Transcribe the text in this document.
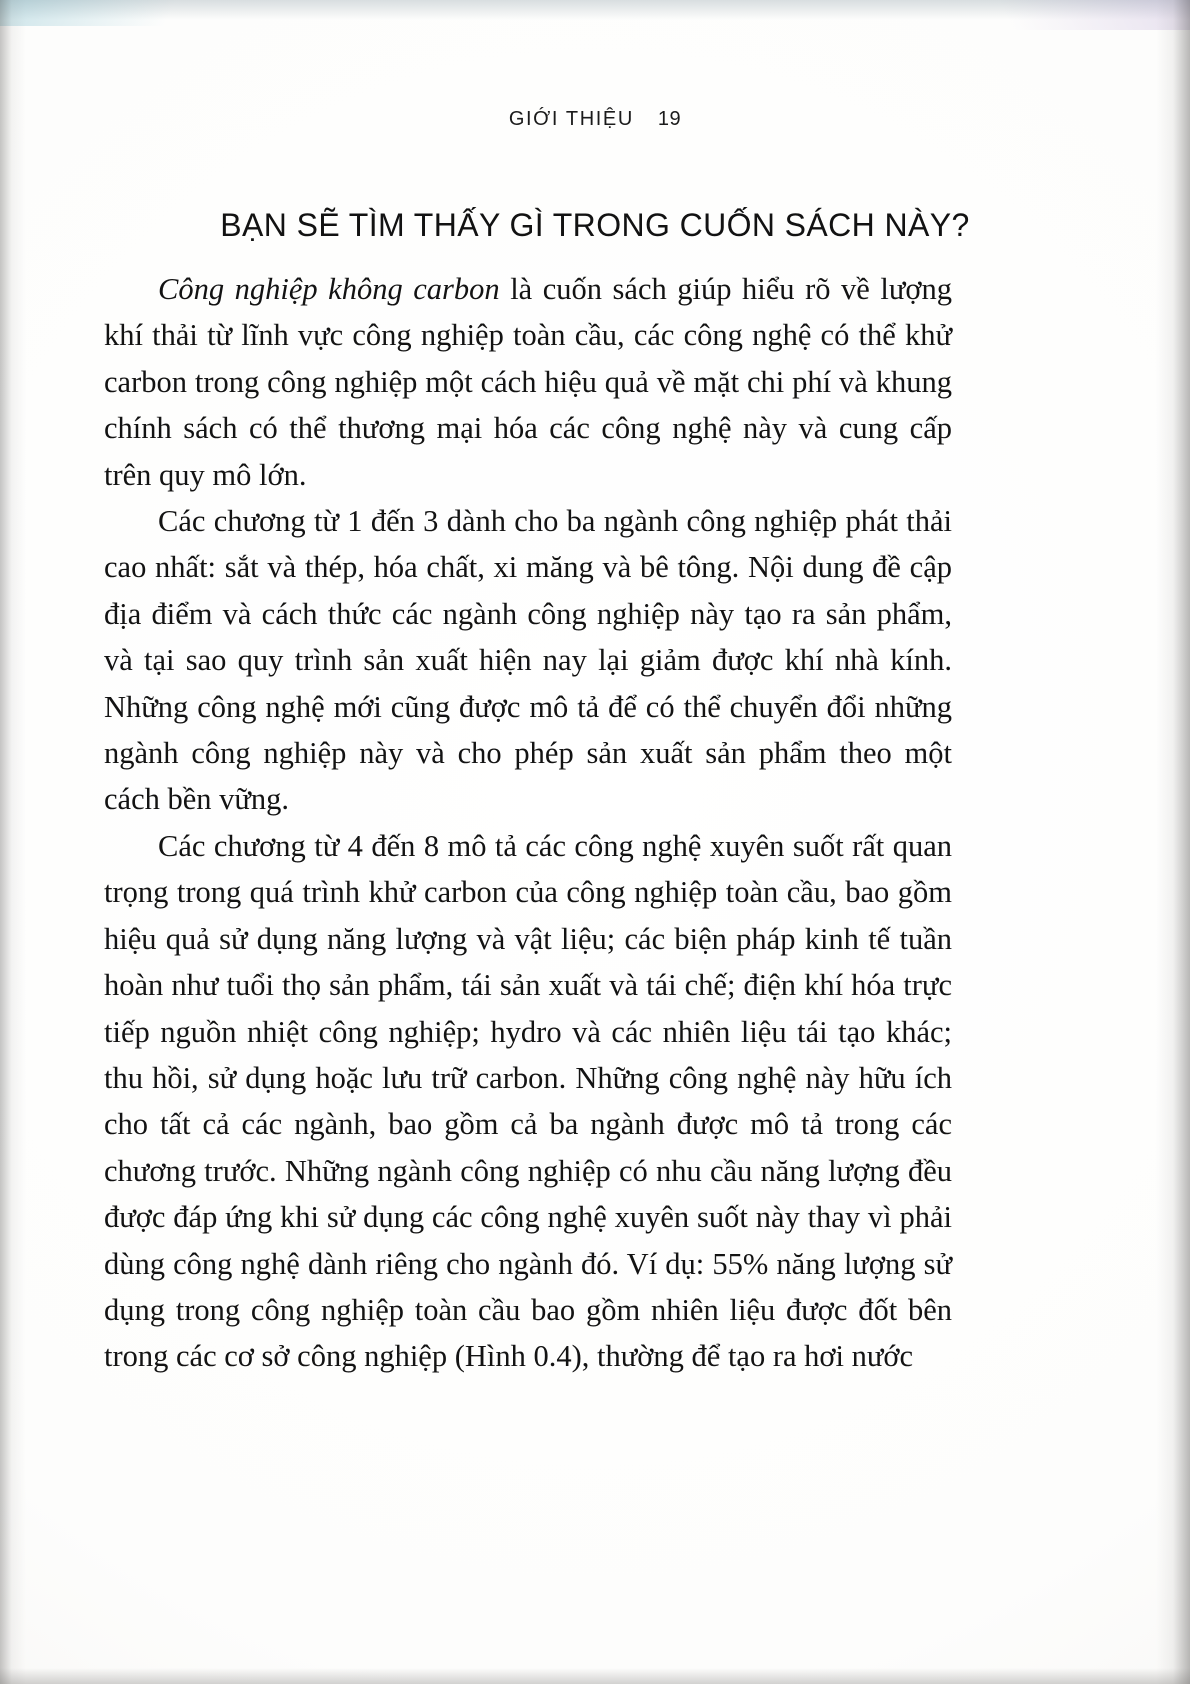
GIỚI THIỆU 19
BẠN SẼ TÌM THẤY GÌ TRONG CUỐN SÁCH NÀY?

Công nghiệp không carbon là cuốn sách giúp hiểu rõ về lượng khí thải từ lĩnh vực công nghiệp toàn cầu, các công nghệ có thể khử carbon trong công nghiệp một cách hiệu quả về mặt chi phí và khung chính sách có thể thương mại hóa các công nghệ này và cung cấp trên quy mô lớn.

Các chương từ 1 đến 3 dành cho ba ngành công nghiệp phát thải cao nhất: sắt và thép, hóa chất, xi măng và bê tông. Nội dung đề cập địa điểm và cách thức các ngành công nghiệp này tạo ra sản phẩm, và tại sao quy trình sản xuất hiện nay lại giảm được khí nhà kính. Những công nghệ mới cũng được mô tả để có thể chuyển đổi những ngành công nghiệp này và cho phép sản xuất sản phẩm theo một cách bền vững.

Các chương từ 4 đến 8 mô tả các công nghệ xuyên suốt rất quan trọng trong quá trình khử carbon của công nghiệp toàn cầu, bao gồm hiệu quả sử dụng năng lượng và vật liệu; các biện pháp kinh tế tuần hoàn như tuổi thọ sản phẩm, tái sản xuất và tái chế; điện khí hóa trực tiếp nguồn nhiệt công nghiệp; hydro và các nhiên liệu tái tạo khác; thu hồi, sử dụng hoặc lưu trữ carbon. Những công nghệ này hữu ích cho tất cả các ngành, bao gồm cả ba ngành được mô tả trong các chương trước. Những ngành công nghiệp có nhu cầu năng lượng đều được đáp ứng khi sử dụng các công nghệ xuyên suốt này thay vì phải dùng công nghệ dành riêng cho ngành đó. Ví dụ: 55% năng lượng sử dụng trong công nghiệp toàn cầu bao gồm nhiên liệu được đốt bên trong các cơ sở công nghiệp (Hình 0.4), thường để tạo ra hơi nước
